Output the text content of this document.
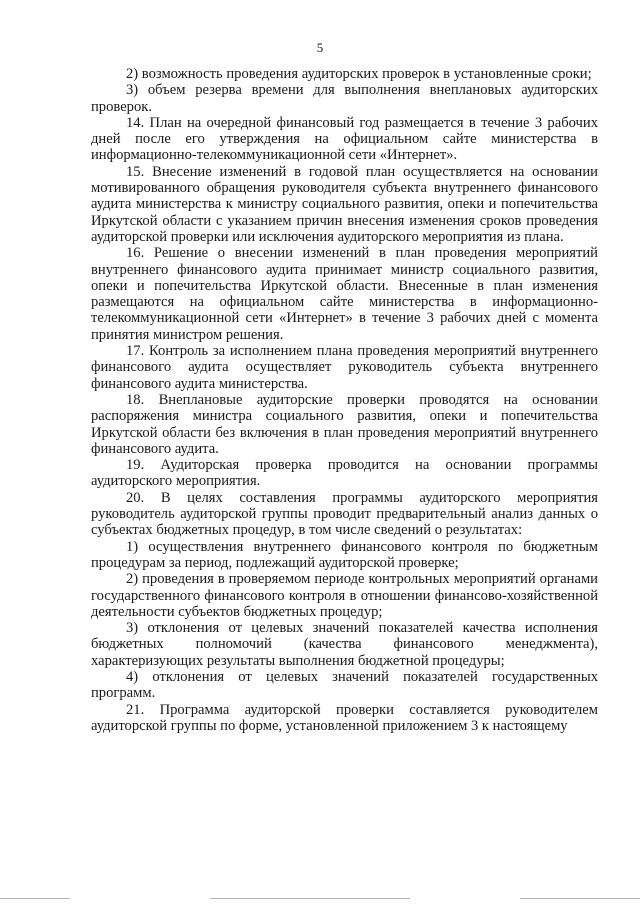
5

2) возможность проведения аудиторских проверок в установленные сроки;

3) объем резерва времени для выполнения внеплановых аудиторских проверок.

14. План на очередной финансовый год размещается в течение 3 рабочих дней после его утверждения на официальном сайте министерства в информационно-телекоммуникационной сети «Интернет».

15. Внесение изменений в годовой план осуществляется на основании мотивированного обращения руководителя субъекта внутреннего финансового аудита министерства к министру социального развития, опеки и попечительства Иркутской области с указанием причин внесения изменения сроков проведения аудиторской проверки или исключения аудиторского мероприятия из плана.

16. Решение о внесении изменений в план проведения мероприятий внутреннего финансового аудита принимает министр социального развития, опеки и попечительства Иркутской области. Внесенные в план изменения размещаются на официальном сайте министерства в информационно-телекоммуникационной сети «Интернет» в течение 3 рабочих дней с момента принятия министром решения.

17. Контроль за исполнением плана проведения мероприятий внутреннего финансового аудита осуществляет руководитель субъекта внутреннего финансового аудита министерства.

18. Внеплановые аудиторские проверки проводятся на основании распоряжения министра социального развития, опеки и попечительства Иркутской области без включения в план проведения мероприятий внутреннего финансового аудита.

19. Аудиторская проверка проводится на основании программы аудиторского мероприятия.

20. В целях составления программы аудиторского мероприятия руководитель аудиторской группы проводит предварительный анализ данных о субъектах бюджетных процедур, в том числе сведений о результатах:

1) осуществления внутреннего финансового контроля по бюджетным процедурам за период, подлежащий аудиторской проверке;

2) проведения в проверяемом периоде контрольных мероприятий органами государственного финансового контроля в отношении финансово-хозяйственной деятельности субъектов бюджетных процедур;

3) отклонения от целевых значений показателей качества исполнения бюджетных полномочий (качества финансового менеджмента), характеризующих результаты выполнения бюджетной процедуры;

4) отклонения от целевых значений показателей государственных программ.

21. Программа аудиторской проверки составляется руководителем аудиторской группы по форме, установленной приложением 3 к настоящему
